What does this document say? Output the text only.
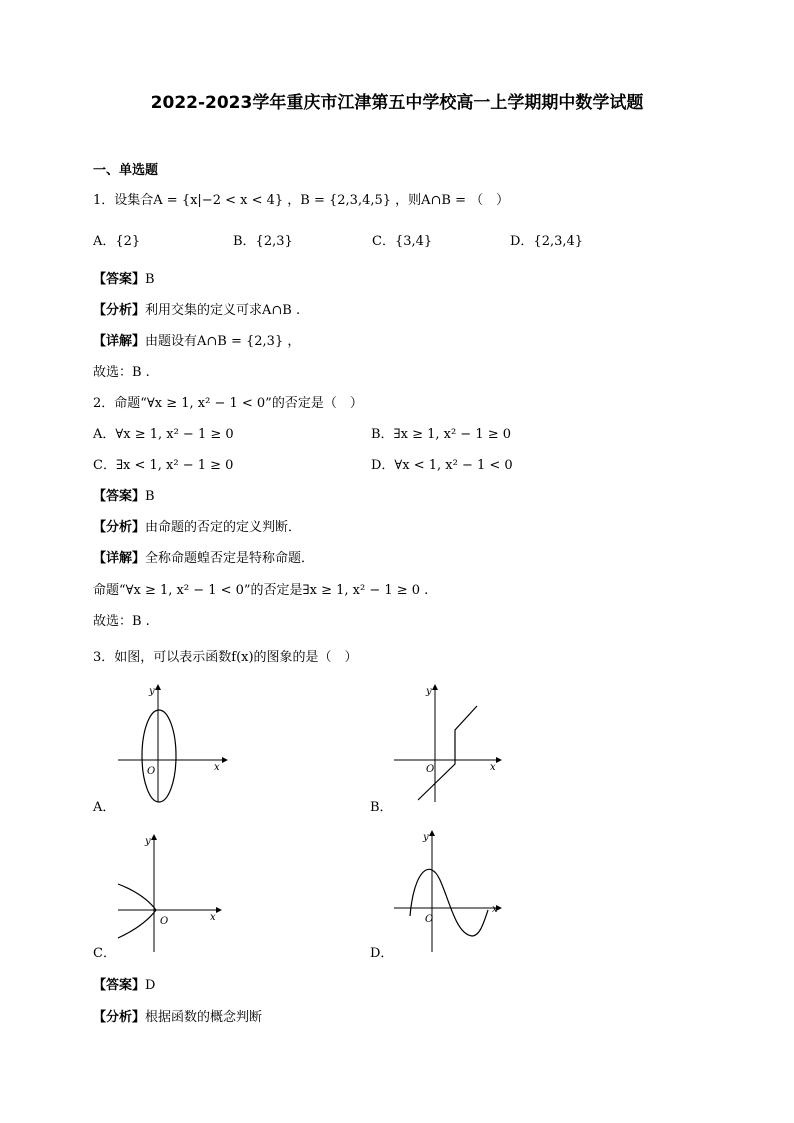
2022-2023学年重庆市江津第五中学校高一上学期期中数学试题
一、单选题
1．设集合A = {x|−2 < x < 4} ，B = {2,3,4,5} ，则A∩B = （　）
A．{2}	B．{2,3}	C．{3,4}	D．{2,3,4}
【答案】B
【分析】利用交集的定义可求A∩B .
【详解】由题设有A∩B = {2,3} ，
故选：B .
2．命题“∀x ≥ 1, x² − 1 < 0”的否定是（　）
A．∀x ≥ 1, x² − 1 ≥ 0	B．∃x ≥ 1, x² − 1 ≥ 0
C．∃x < 1, x² − 1 ≥ 0	D．∀x < 1, x² − 1 < 0
【答案】B
【分析】由命题的否定的定义判断．
【详解】全称命题蝗否定是特称命题．
命题“∀x ≥ 1, x² − 1 < 0”的否定是∃x ≥ 1, x² − 1 ≥ 0 .
故选：B .
3．如图，可以表示函数f(x)的图象的是（　）
x
y
O
A．
x
y
O
B．
x
y
O
C．
x
y
O
D．
【答案】D
【分析】根据函数的概念判断
